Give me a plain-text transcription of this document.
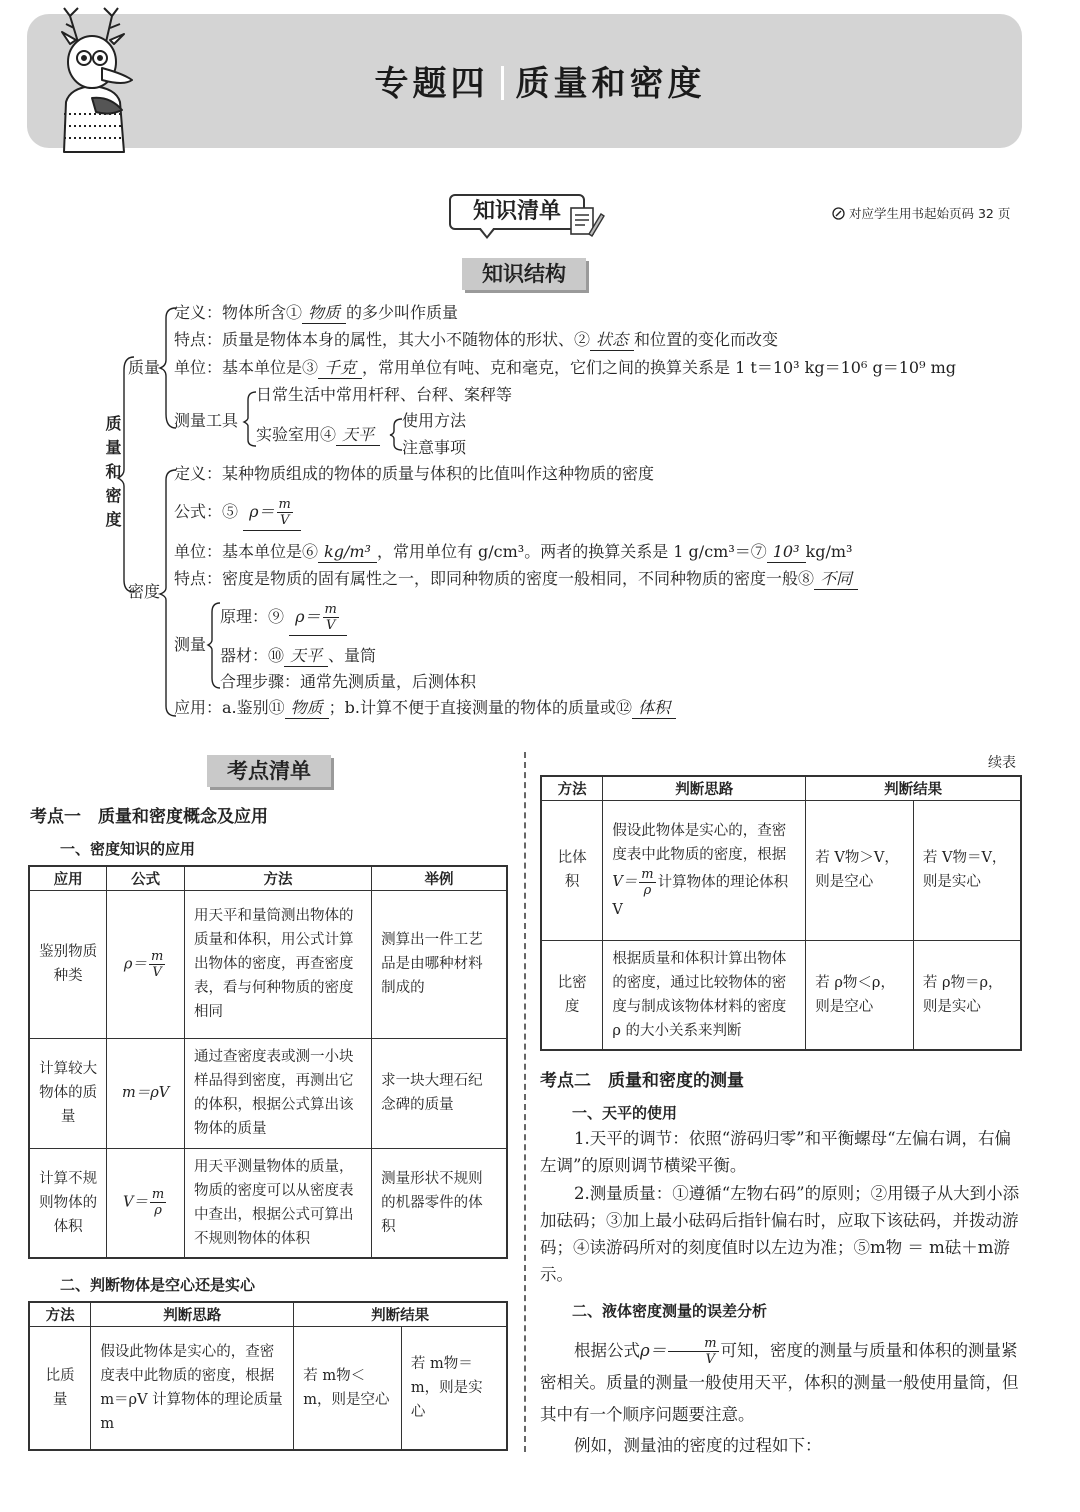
专题四 质量和密度
知识清单	对应学生用书起始页码 32 页
知识结构
质量和密度
质量
定义：物体所含① 物质 的多少叫作质量
特点：质量是物体本身的属性，其大小不随物体的形状、② 状态 和位置的变化而改变
单位：基本单位是③ 千克 ，常用单位有吨、克和毫克，它们之间的换算关系是 1 t＝10³ kg＝10⁶ g＝10⁹ mg
测量工具
日常生活中常用杆秤、台秤、案秤等
实验室用④ 天平
使用方法
注意事项
密度
定义：某种物质组成的物体的质量与体积的比值叫作这种物质的密度
公式：⑤ $\rho= \frac{m}{V}$
单位：基本单位是⑥ kg/m³ ，常用单位有 g/cm³。两者的换算关系是 1 g/cm³＝⑦ 10³ kg/m³
特点：密度是物质的固有属性之一，即同种物质的密度一般相同，不同种物质的密度一般⑧ 不同
测量
原理：⑨ $\rho= \frac{m}{V}$
器材：⑩ 天平 、量筒
合理步骤：通常先测质量，后测体积
应用：a.鉴别⑪ 物质 ；b.计算不便于直接测量的物体的质量或⑫ 体积
考点清单
考点一　质量和密度概念及应用
一、密度知识的应用
应用	公式	方法	举例
鉴别物质种类	$\rho= \frac{m}{V}$	用天平和量筒测出物体的质量和体积，用公式计算出物体的密度，再查密度表，看与何种物质的密度相同	测算出一件工艺品是由哪种材料制成的
计算较大物体的质量	m＝ρV	通过查密度表或测一小块样品得到密度，再测出它的体积，根据公式算出该物体的质量	求一块大理石纪念碑的质量
计算不规则物体的体积	$V= \frac{m}{\rho}$	用天平测量物体的质量，物质的密度可以从密度表中查出，根据公式可算出不规则物体的体积	测量形状不规则的机器零件的体积
二、判断物体是空心还是实心
方法	判断思路	判断结果	
比质量	假设此物体是实心的，查密度表中此物质的密度，根据 m＝ρV 计算物体的理论质量 m	若 m物＜m，则是空心	若 m物＝m，则是实心
续表
方法	判断思路	判断结果	
比体积	假设此物体是实心的，查密度表中此物质的密度，根据$V= \frac{m}{\rho}$ 计算物体的理论体积 V	若 V物＞V，则是空心	若 V物＝V，则是实心
比密度	根据质量和体积计算出物体的密度，通过比较物体的密度与制成该物体材料的密度 ρ 的大小关系来判断	若 ρ物＜ρ，则是空心	若 ρ物＝ρ，则是实心
考点二　质量和密度的测量
一、天平的使用
1.天平的调节：依照“游码归零”和平衡螺母“左偏右调，右偏左调”的原则调节横梁平衡。
2.测量质量：①遵循“左物右码”的原则；②用镊子从大到小添加砝码；③加上最小砝码后指针偏右时，应取下该砝码，并拨动游码；④读游码所对的刻度值时以左边为准；⑤m物 ＝ m砝＋m游示。
二、液体密度测量的误差分析
根据公式$\rho= \frac{m}{V}$ 可知，密度的测量与质量和体积的测量紧密相关。质量的测量一般使用天平，体积的测量一般使用量筒，但其中有一个顺序问题要注意。
例如，测量油的密度的过程如下：
